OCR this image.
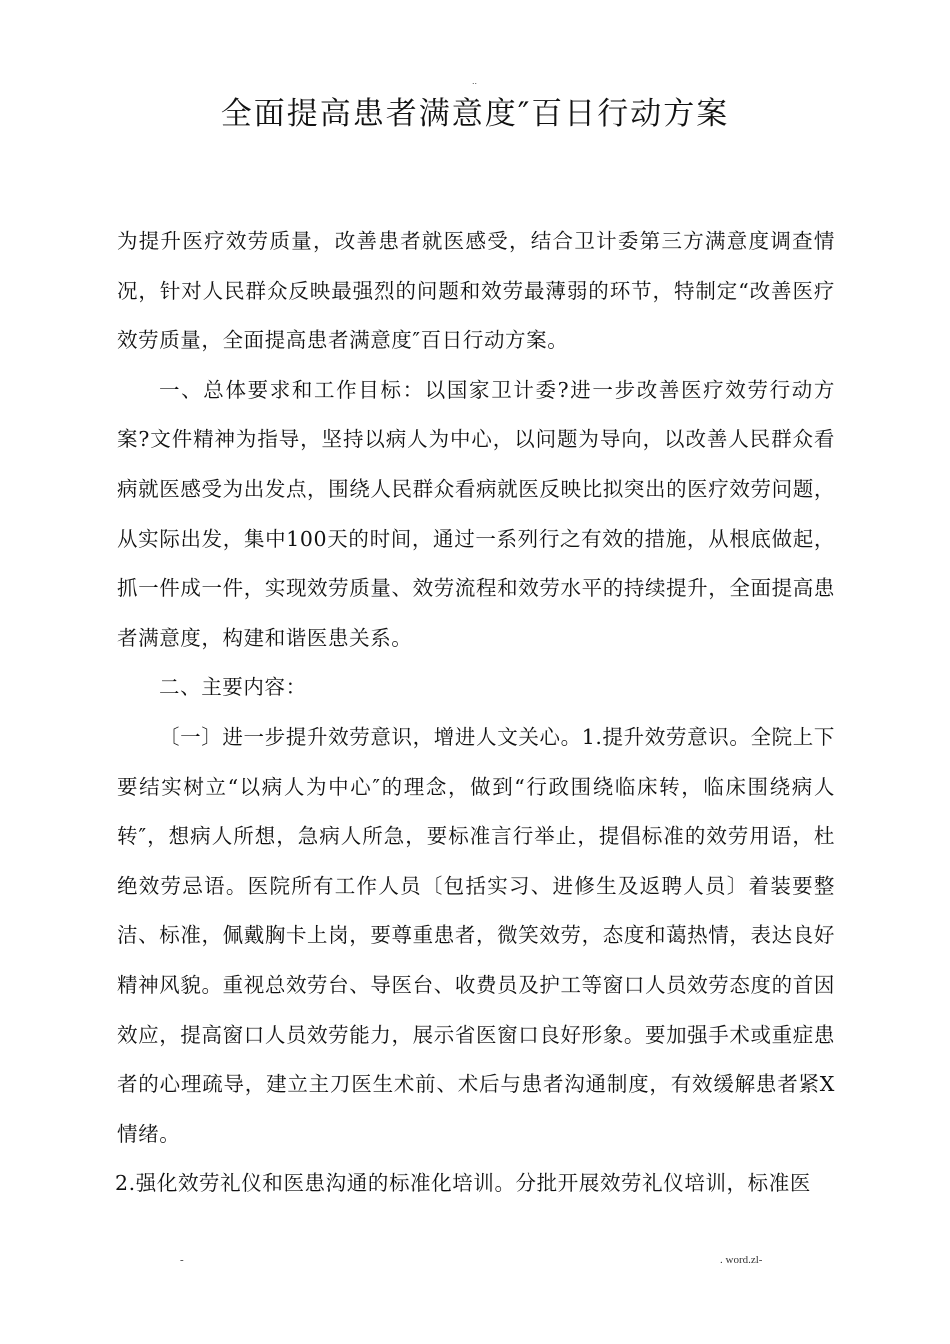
..
全面提高患者满意度″百日行动方案

为提升医疗效劳质量，改善患者就医感受，结合卫计委第三方满意度调查情况，针对人民群众反映最强烈的问题和效劳最薄弱的环节，特制定“改善医疗效劳质量，全面提高患者满意度″百日行动方案。

一、总体要求和工作目标：以国家卫计委?进一步改善医疗效劳行动方案?文件精神为指导，坚持以病人为中心，以问题为导向，以改善人民群众看病就医感受为出发点，围绕人民群众看病就医反映比拟突出的医疗效劳问题，从实际出发，集中100天的时间，通过一系列行之有效的措施，从根底做起，抓一件成一件，实现效劳质量、效劳流程和效劳水平的持续提升，全面提高患者满意度，构建和谐医患关系。

二、主要内容：

〔一〕进一步提升效劳意识，增进人文关心。1.提升效劳意识。全院上下要结实树立“以病人为中心″的理念，做到“行政围绕临床转，临床围绕病人转″，想病人所想，急病人所急，要标准言行举止，提倡标准的效劳用语，杜绝效劳忌语。医院所有工作人员〔包括实习、进修生及返聘人员〕着装要整洁、标准，佩戴胸卡上岗，要尊重患者，微笑效劳，态度和蔼热情，表达良好精神风貌。重视总效劳台、导医台、收费员及护工等窗口人员效劳态度的首因效应，提高窗口人员效劳能力，展示省医窗口良好形象。要加强手术或重症患者的心理疏导，建立主刀医生术前、术后与患者沟通制度，有效缓解患者紧X情绪。

2.强化效劳礼仪和医患沟通的标准化培训。分批开展效劳礼仪培训，标准医

-	. word.zl-
